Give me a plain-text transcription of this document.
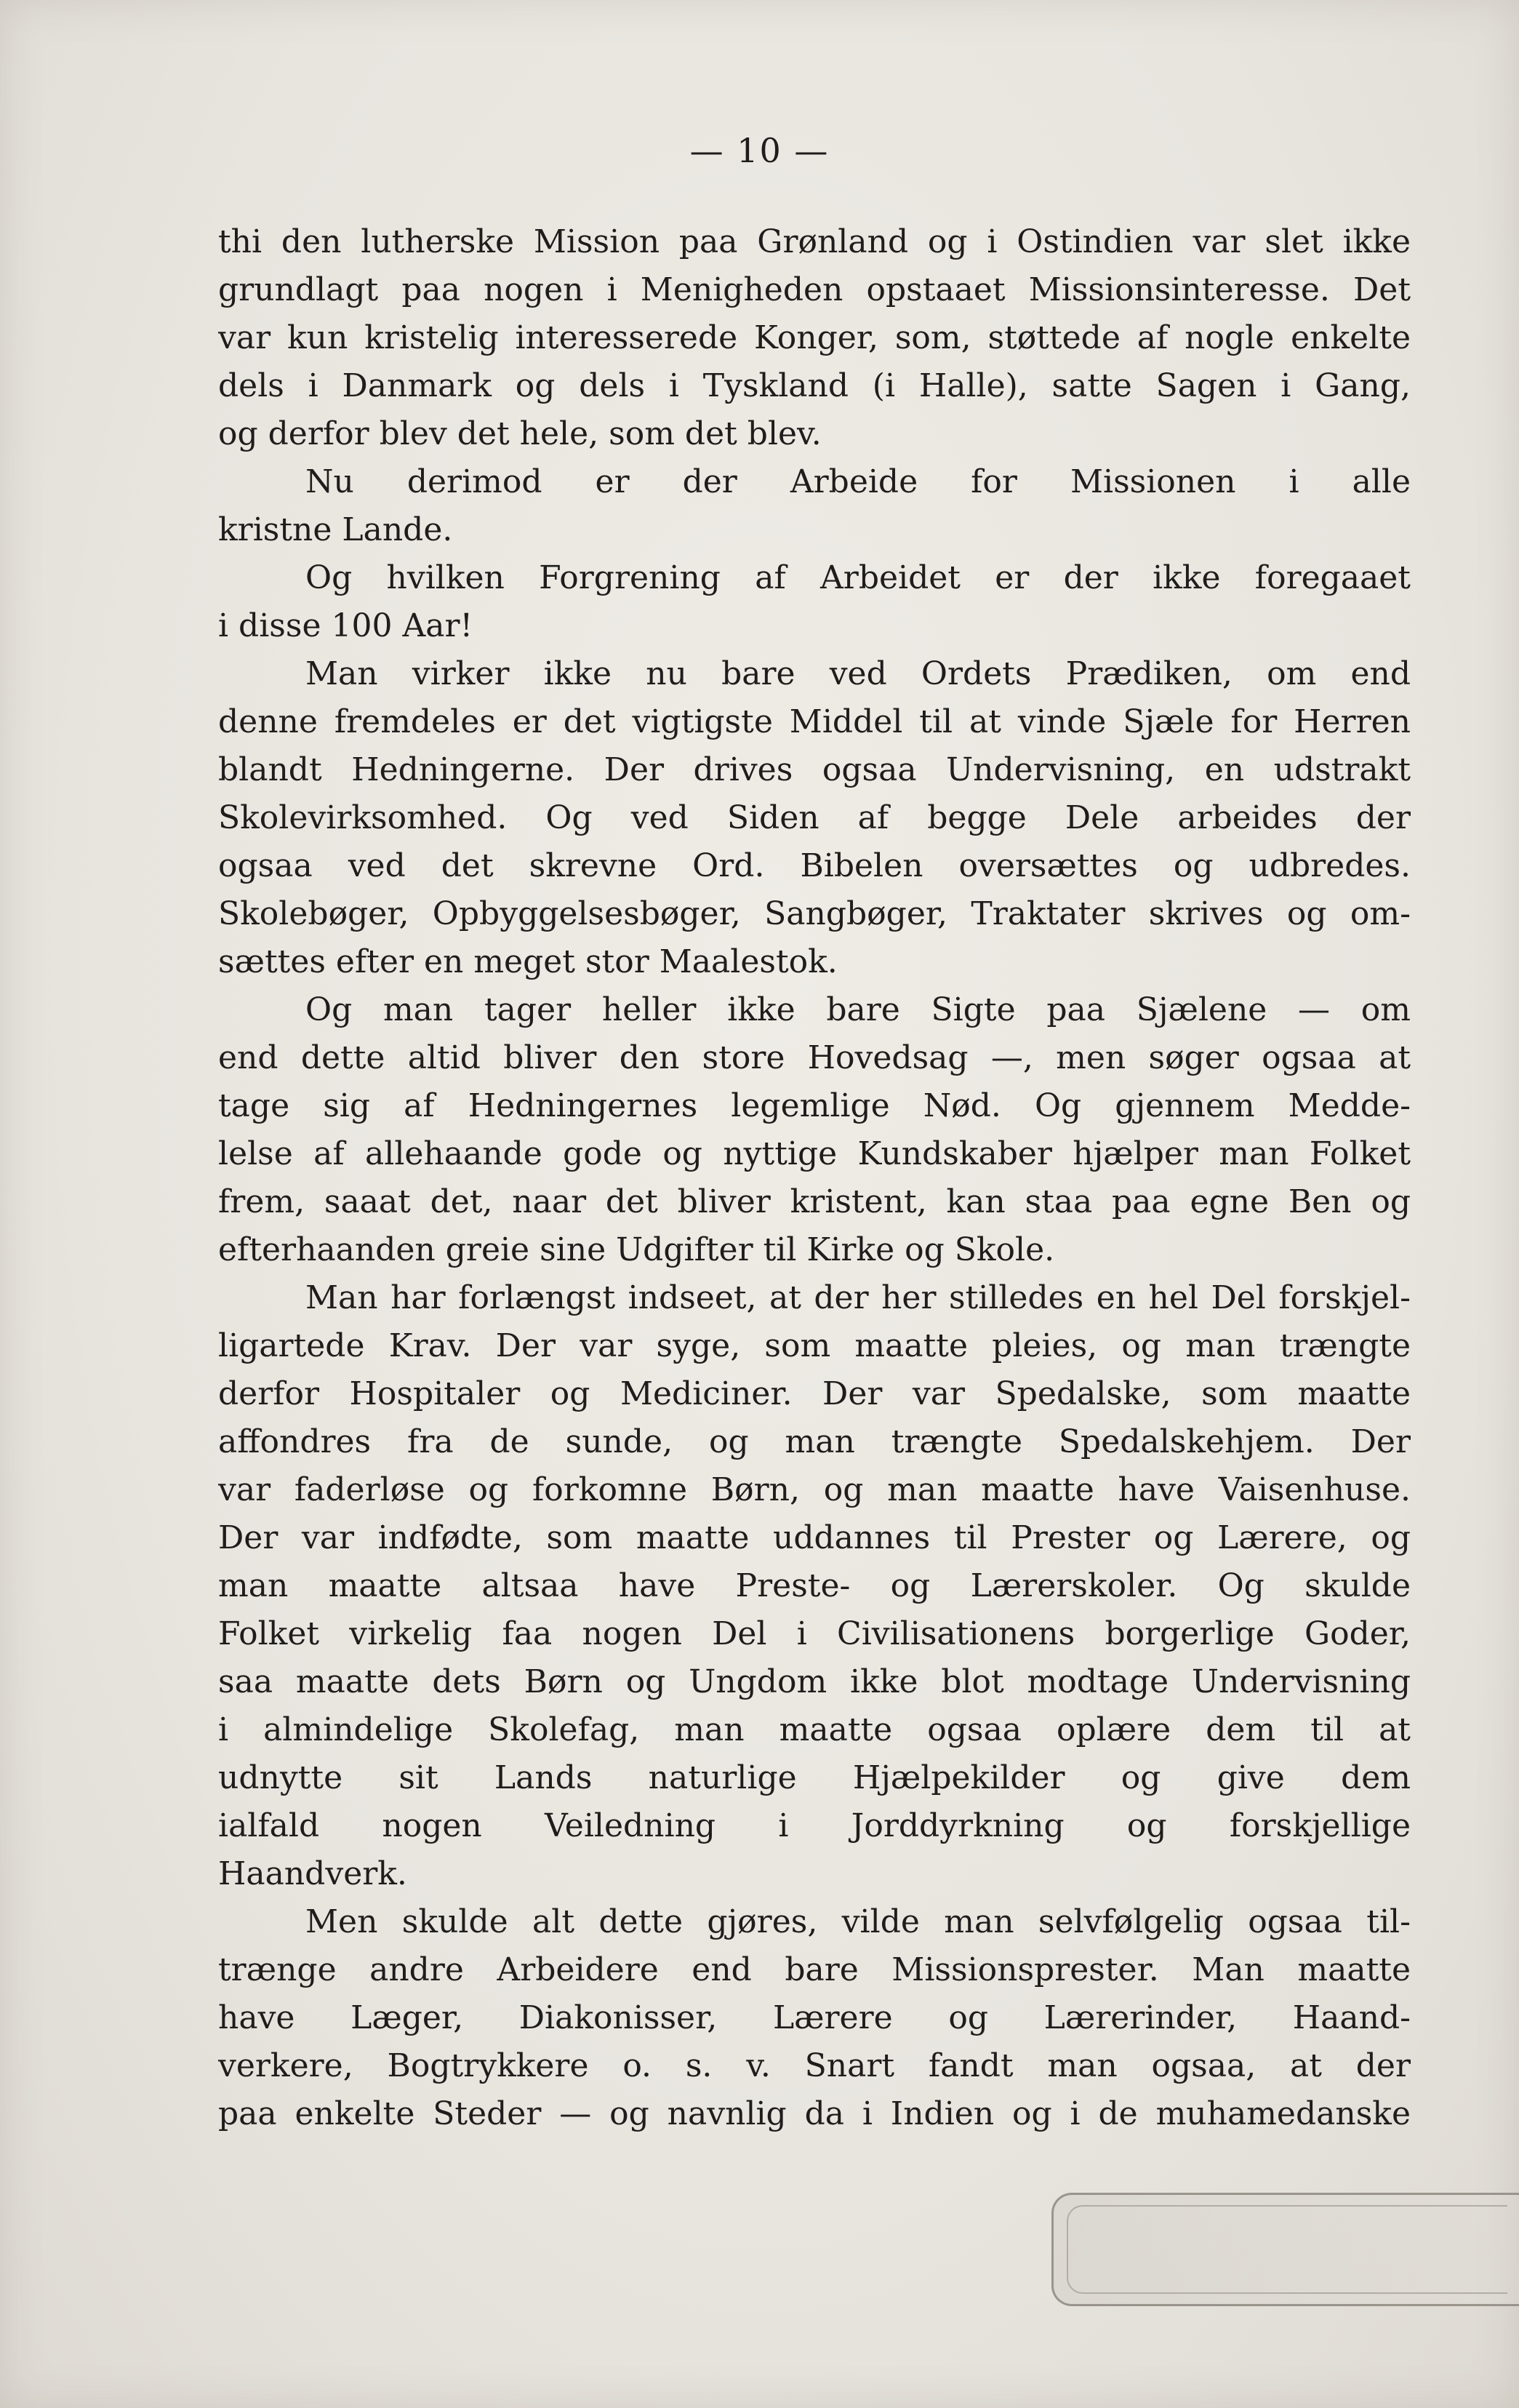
— 10 —
thi den lutherske Mission paa Grønland og i Ostindien var slet ikke
grundlagt paa nogen i Menigheden opstaaet Missionsinteresse. Det
var kun kristelig interesserede Konger, som, støttede af nogle enkelte
dels i Danmark og dels i Tyskland (i Halle), satte Sagen i Gang,
og derfor blev det hele, som det blev.
Nu derimod er der Arbeide for Missionen i alle
kristne Lande.
Og hvilken Forgrening af Arbeidet er der ikke foregaaet
i disse 100 Aar!
Man virker ikke nu bare ved Ordets Prædiken, om end
denne fremdeles er det vigtigste Middel til at vinde Sjæle for Herren
blandt Hedningerne. Der drives ogsaa Undervisning, en udstrakt
Skolevirksomhed. Og ved Siden af begge Dele arbeides der
ogsaa ved det skrevne Ord. Bibelen oversættes og udbredes.
Skolebøger, Opbyggelsesbøger, Sangbøger, Traktater skrives og om-
sættes efter en meget stor Maalestok.
Og man tager heller ikke bare Sigte paa Sjælene — om
end dette altid bliver den store Hovedsag —, men søger ogsaa at
tage sig af Hedningernes legemlige Nød. Og gjennem Medde-
lelse af allehaande gode og nyttige Kundskaber hjælper man Folket
frem, saaat det, naar det bliver kristent, kan staa paa egne Ben og
efterhaanden greie sine Udgifter til Kirke og Skole.
Man har forlængst indseet, at der her stilledes en hel Del forskjel-
ligartede Krav. Der var syge, som maatte pleies, og man trængte
derfor Hospitaler og Mediciner. Der var Spedalske, som maatte
affondres fra de sunde, og man trængte Spedalskehjem. Der
var faderløse og forkomne Børn, og man maatte have Vaisenhuse.
Der var indfødte, som maatte uddannes til Prester og Lærere, og
man maatte altsaa have Preste- og Lærerskoler. Og skulde
Folket virkelig faa nogen Del i Civilisationens borgerlige Goder,
saa maatte dets Børn og Ungdom ikke blot modtage Undervisning
i almindelige Skolefag, man maatte ogsaa oplære dem til at
udnytte sit Lands naturlige Hjælpekilder og give dem
ialfald nogen Veiledning i Jorddyrkning og forskjellige
Haandverk.
Men skulde alt dette gjøres, vilde man selvfølgelig ogsaa til-
trænge andre Arbeidere end bare Missionsprester. Man maatte
have Læger, Diakonisser, Lærere og Lærerinder, Haand-
verkere, Bogtrykkere o. s. v. Snart fandt man ogsaa, at der
paa enkelte Steder — og navnlig da i Indien og i de muhamedanske
